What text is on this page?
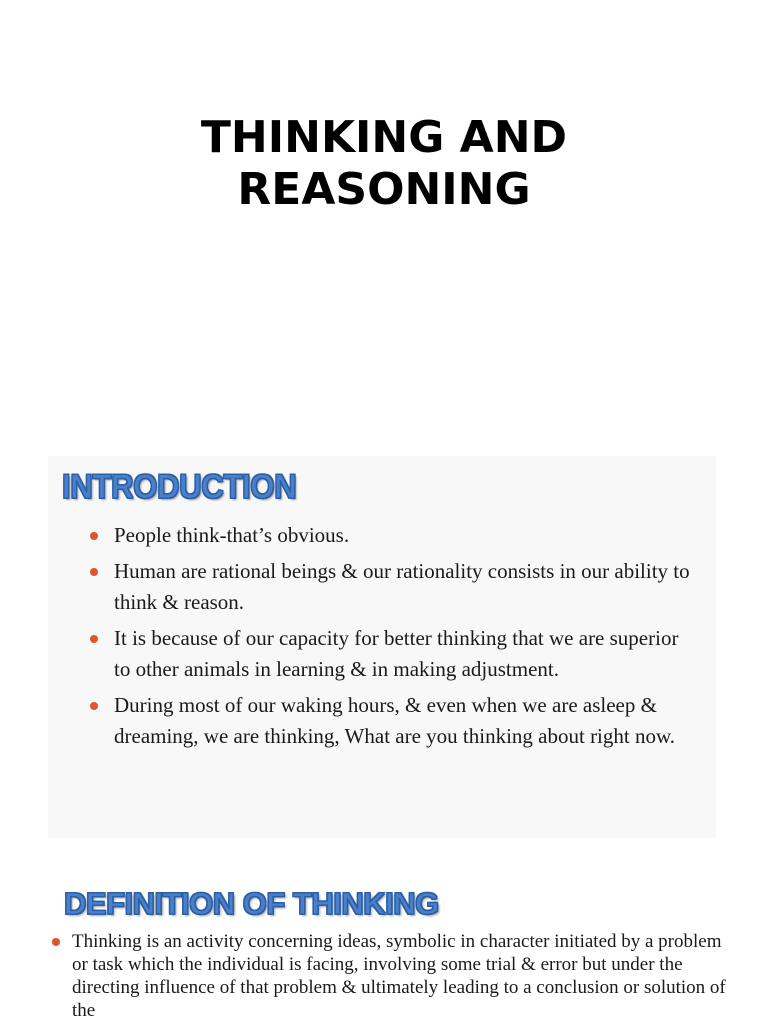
THINKING AND
REASONING
INTRODUCTION
People think-that’s obvious.
Human are rational beings & our rationality consists in our ability to think & reason.
It is because of our capacity for better thinking that we are superior to other animals in learning & in making adjustment.
During most of our waking hours, & even when we are asleep & dreaming, we are thinking, What are you thinking about right now.
DEFINITION OF THINKING
Thinking is an activity concerning ideas, symbolic in character initiated by a problem or task which the individual is facing, involving some trial & error but under the directing influence of that problem & ultimately leading to a conclusion or solution of the
